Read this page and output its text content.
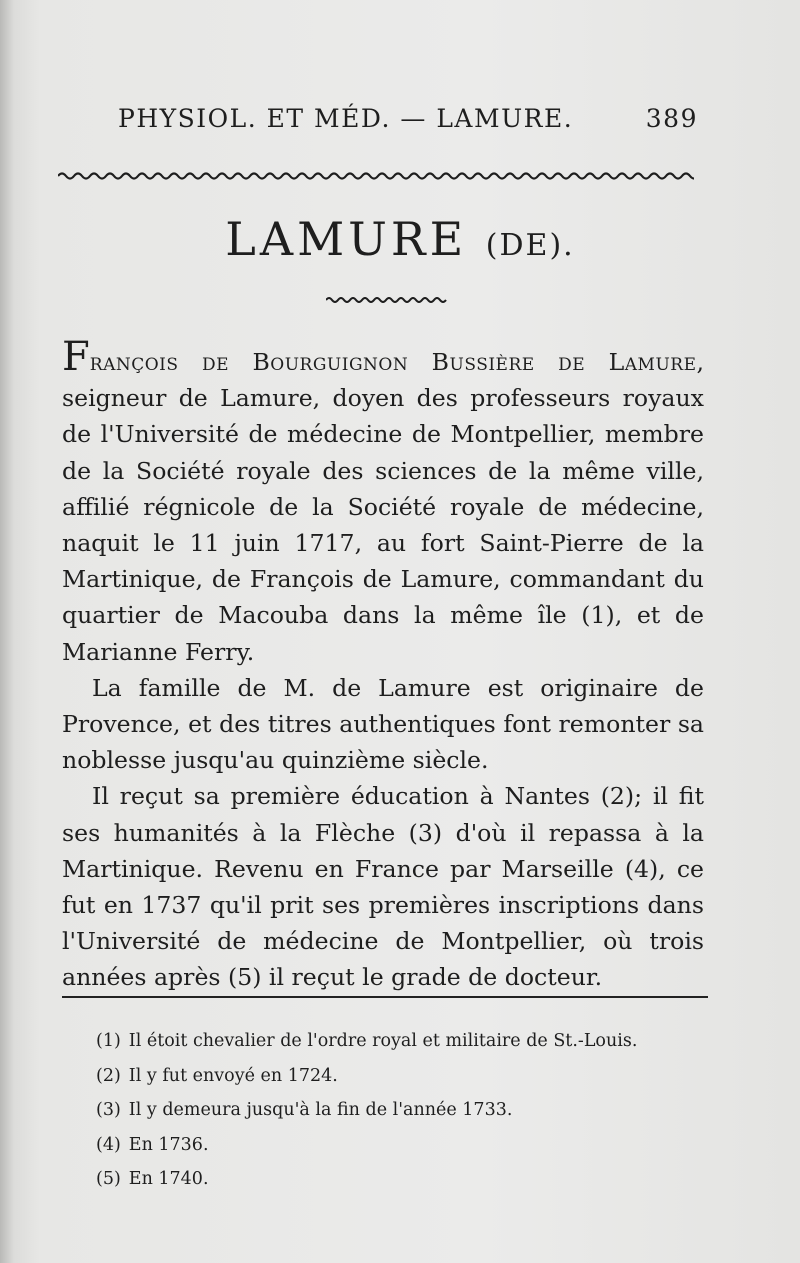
PHYSIOL. ET MÉD. — LAMURE.	389
LAMURE (DE).

François de Bourguignon Bussière de Lamure, seigneur de Lamure, doyen des professeurs royaux de l'Université de médecine de Montpellier, membre de la Société royale des sciences de la même ville, affilié régnicole de la Société royale de médecine, naquit le 11 juin 1717, au fort Saint-Pierre de la Martinique, de François de Lamure, commandant du quartier de Macouba dans la même île (1), et de Marianne Ferry.

La famille de M. de Lamure est originaire de Provence, et des titres authentiques font remonter sa noblesse jusqu'au quinzième siècle.

Il reçut sa première éducation à Nantes (2); il fit ses humanités à la Flèche (3) d'où il repassa à la Martinique. Revenu en France par Marseille (4), ce fut en 1737 qu'il prit ses premières inscriptions dans l'Université de médecine de Montpellier, où trois années après (5) il reçut le grade de docteur.

(1) Il étoit chevalier de l'ordre royal et militaire de St.-Louis.
(2) Il y fut envoyé en 1724.
(3) Il y demeura jusqu'à la fin de l'année 1733.
(4) En 1736.
(5) En 1740.
